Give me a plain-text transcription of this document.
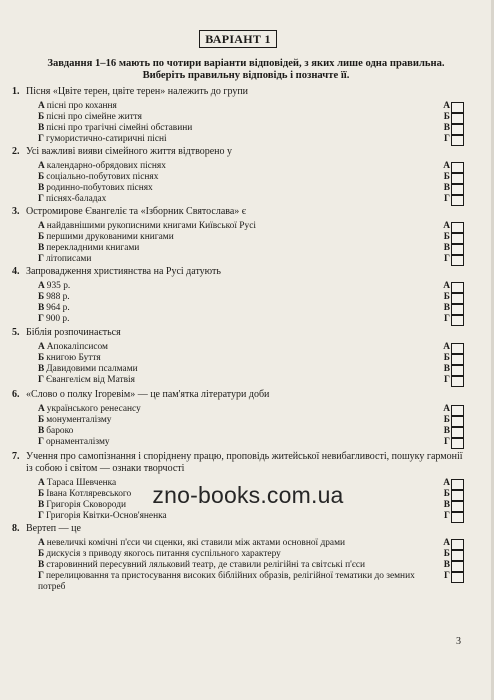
ВАРІАНТ 1
Завдання 1–16 мають по чотири варіанти відповідей, з яких лише одна правильна.
Виберіть правильну відповідь і позначте її.
1. Пісня «Цвіте терен, цвіте терен» належить до групи
А пісні про кохання	А
Б пісні про сімейне життя	Б
В пісні про трагічні сімейні обставини	В
Г гумористично-сатиричні пісні	Г
2. Усі важливі вияви сімейного життя відтворено у
А календарно-обрядових піснях	А
Б соціально-побутових піснях	Б
В родинно-побутових піснях	В
Г піснях-баладах	Г
3. Остромирове Євангеліє та «Ізборник Святослава» є
А найдавнішими рукописними книгами Київської Русі	А
Б першими друкованими книгами	Б
В перекладними книгами	В
Г літописами	Г
4. Запровадження християнства на Русі датують
А 935 р.	А
Б 988 р.	Б
В 964 р.	В
Г 900 р.	Г
5. Біблія розпочинається
А Апокаліпсисом	А
Б книгою Буття	Б
В Давидовими псалмами	В
Г Євангелієм від Матвія	Г
6. «Слово о полку Ігоревім» — це пам'ятка літератури доби
А українського ренесансу	А
Б монументалізму	Б
В бароко	В
Г орнаменталізму	Г
7. Учення про самопізнання і споріднену працю, проповідь житейської невибагливості, пошуку гармонії із собою і світом — ознаки творчості
А Тараса Шевченка	А
Б Івана Котляревського	Б
В Григорія Сковороди	В
Г Григорія Квітки-Основ'яненка	Г
8. Вертеп — це
А невеличкі комічні п'єси чи сценки, які ставили між актами основної драми	А
Б дискусія з приводу якогось питання суспільного характеру	Б
В старовинний пересувний ляльковий театр, де ставили релігійні та світські п'єси	В
Г перелицювання та пристосування високих біблійних образів, релігійної тематики до земних потреб
Г
zno-books.com.ua
3
